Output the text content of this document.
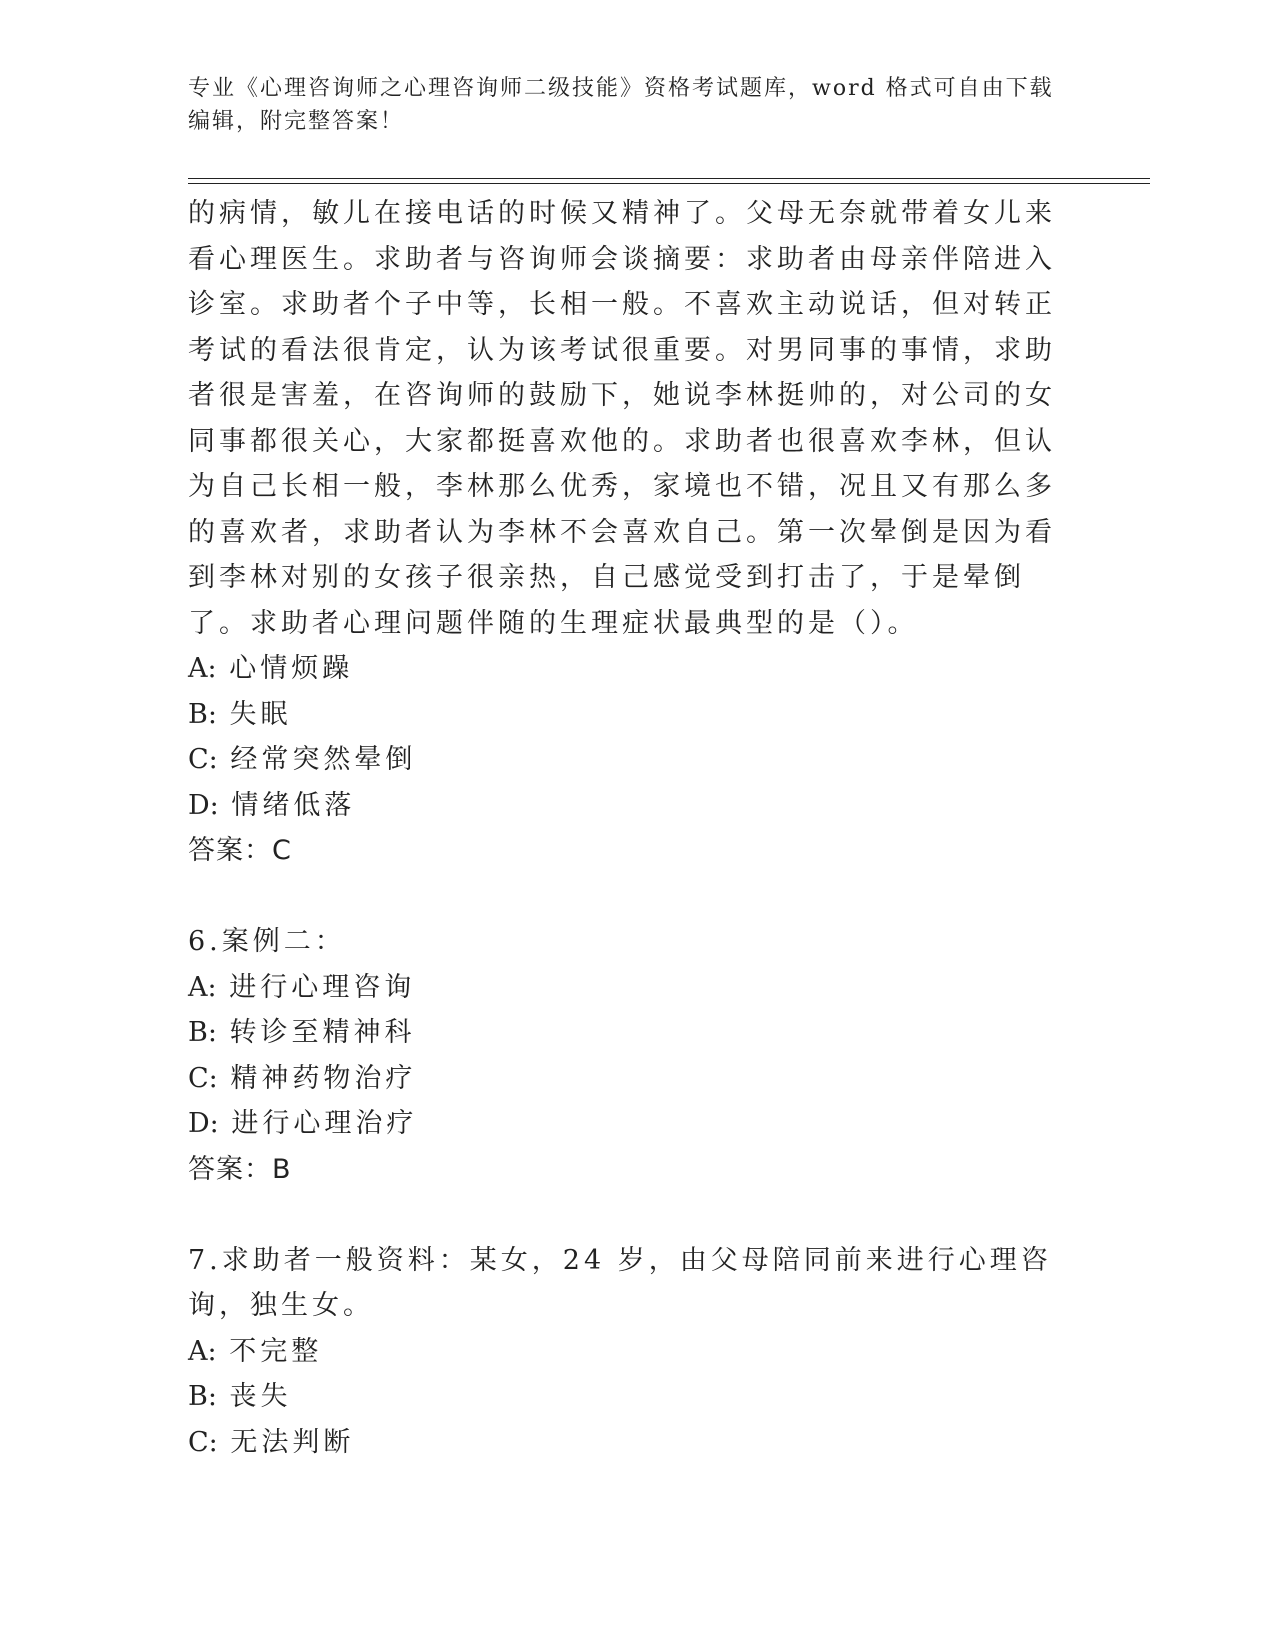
专业《心理咨询师之心理咨询师二级技能》资格考试题库，word 格式可自由下载
编辑，附完整答案！

的病情，敏儿在接电话的时候又精神了。父母无奈就带着女儿来看心理医生。求助者与咨询师会谈摘要：求助者由母亲伴陪进入诊室。求助者个子中等，长相一般。不喜欢主动说话，但对转正考试的看法很肯定，认为该考试很重要。对男同事的事情，求助者很是害羞，在咨询师的鼓励下，她说李林挺帅的，对公司的女同事都很关心，大家都挺喜欢他的。求助者也很喜欢李林，但认为自己长相一般，李林那么优秀，家境也不错，况且又有那么多的喜欢者，求助者认为李林不会喜欢自己。第一次晕倒是因为看到李林对别的女孩子很亲热，自己感觉受到打击了，于是晕倒了。求助者心理问题伴随的生理症状最典型的是（）。

A: 心情烦躁

B: 失眠

C: 经常突然晕倒

D: 情绪低落

答案：C

6.案例二：

A: 进行心理咨询

B: 转诊至精神科

C: 精神药物治疗

D: 进行心理治疗

答案：B

7.求助者一般资料：某女，24 岁，由父母陪同前来进行心理咨询，独生女。

A: 不完整

B: 丧失

C: 无法判断
